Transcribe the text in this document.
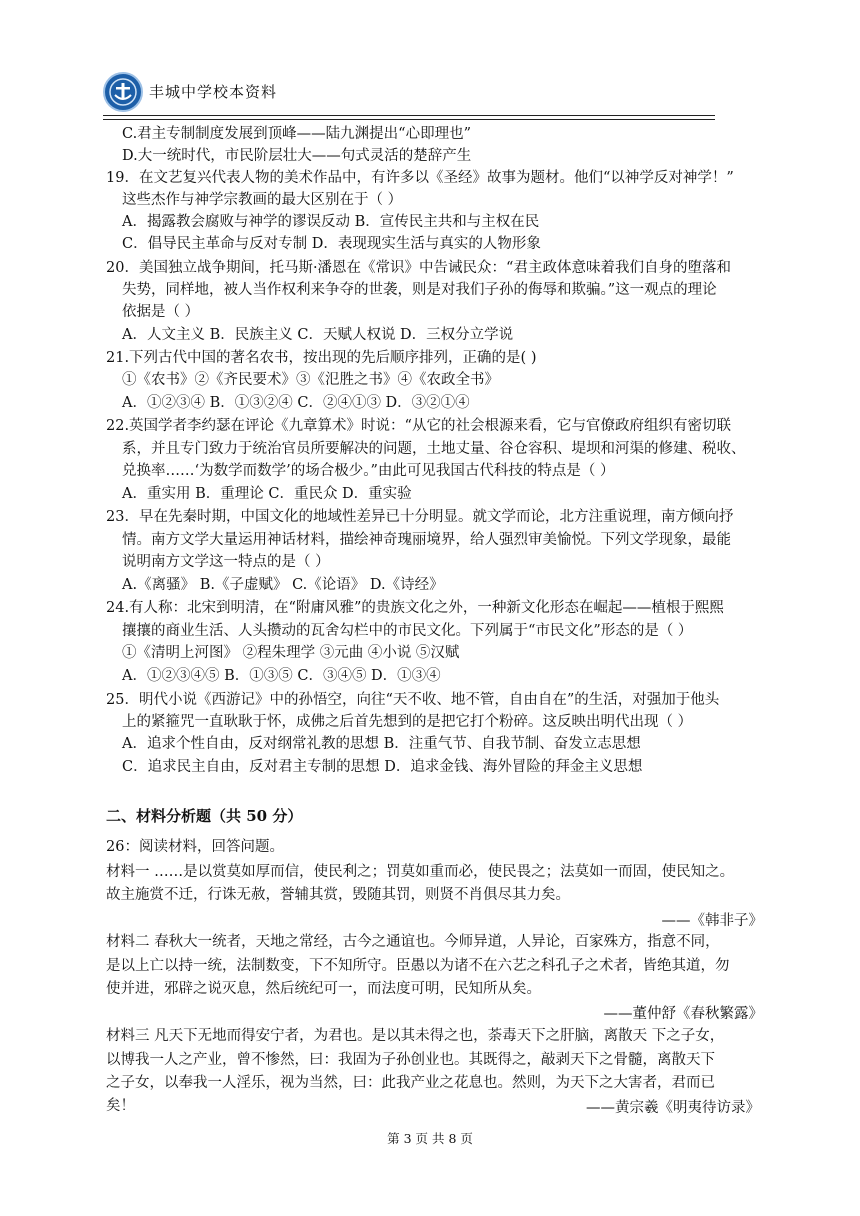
丰城中学校本资料
C.君主专制制度发展到顶峰——陆九渊提出“心即理也”
D.大一统时代，市民阶层壮大——句式灵活的楚辞产生
19．在文艺复兴代表人物的美术作品中，有许多以《圣经》故事为题材。他们“以神学反对神学！”
这些杰作与神学宗教画的最大区别在于（ ）
A．揭露教会腐败与神学的谬误反动 B．宣传民主共和与主权在民
C．倡导民主革命与反对专制 D．表现现实生活与真实的人物形象
20．美国独立战争期间，托马斯·潘恩在《常识》中告诫民众：“君主政体意味着我们自身的堕落和
失势，同样地，被人当作权利来争夺的世袭，则是对我们子孙的侮辱和欺骗。”这一观点的理论
依据是（ ）
A．人文主义 B．民族主义 C．天赋人权说 D．三权分立学说
21.下列古代中国的著名农书，按出现的先后顺序排列，正确的是( )
①《农书》②《齐民要术》③《氾胜之书》④《农政全书》
A．①②③④ B．①③②④ C．②④①③ D．③②①④
22.英国学者李约瑟在评论《九章算术》时说：“从它的社会根源来看，它与官僚政府组织有密切联
系，并且专门致力于统治官员所要解决的问题，土地丈量、谷仓容积、堤坝和河渠的修建、税收、
兑换率……‘为数学而数学’的场合极少。”由此可见我国古代科技的特点是（ ）
A．重实用 B．重理论 C．重民众 D．重实验
23．早在先秦时期，中国文化的地域性差异已十分明显。就文学而论，北方注重说理，南方倾向抒
情。南方文学大量运用神话材料，描绘神奇瑰丽境界，给人强烈审美愉悦。下列文学现象，最能
说明南方文学这一特点的是（ ）
A.《离骚》 B.《子虚赋》 C.《论语》 D.《诗经》
24.有人称：北宋到明清，在“附庸风雅”的贵族文化之外，一种新文化形态在崛起——植根于熙熙
攘攘的商业生活、人头攒动的瓦舍勾栏中的市民文化。下列属于“市民文化”形态的是（ ）
①《清明上河图》 ②程朱理学 ③元曲 ④小说 ⑤汉赋
A．①②③④⑤ B．①③⑤ C．③④⑤ D．①③④
25．明代小说《西游记》中的孙悟空，向往“天不收、地不管，自由自在”的生活，对强加于他头
上的紧箍咒一直耿耿于怀，成佛之后首先想到的是把它打个粉碎。这反映出明代出现（ ）
A．追求个性自由，反对纲常礼教的思想 B．注重气节、自我节制、奋发立志思想
C．追求民主自由，反对君主专制的思想 D．追求金钱、海外冒险的拜金主义思想
26：阅读材料，回答问题。
材料一 ……是以赏莫如厚而信，使民利之；罚莫如重而必，使民畏之；法莫如一而固，使民知之。
故主施赏不迁，行诛无赦，誉辅其赏，毁随其罚，则贤不肖俱尽其力矣。
材料二 春秋大一统者，天地之常经，古今之通谊也。今师异道，人异论，百家殊方，指意不同，
是以上亡以持一统，法制数变，下不知所守。臣愚以为诸不在六艺之科孔子之术者，皆绝其道，勿
使并进，邪辟之说灭息，然后统纪可一，而法度可明，民知所从矣。
材料三 凡天下无地而得安宁者，为君也。是以其未得之也，荼毒天下之肝脑，离散天 下之子女，
以博我一人之产业，曾不惨然，曰：我固为子孙创业也。其既得之，敲剥天下之骨髓，离散天下
之子女，以奉我一人淫乐，视为当然，曰：此我产业之花息也。然则，为天下之大害者，君而已
矣！
——《韩非子》
——董仲舒《春秋繁露》
——黄宗羲《明夷待访录》
二、材料分析题（共 50 分）
第 3 页 共 8 页
